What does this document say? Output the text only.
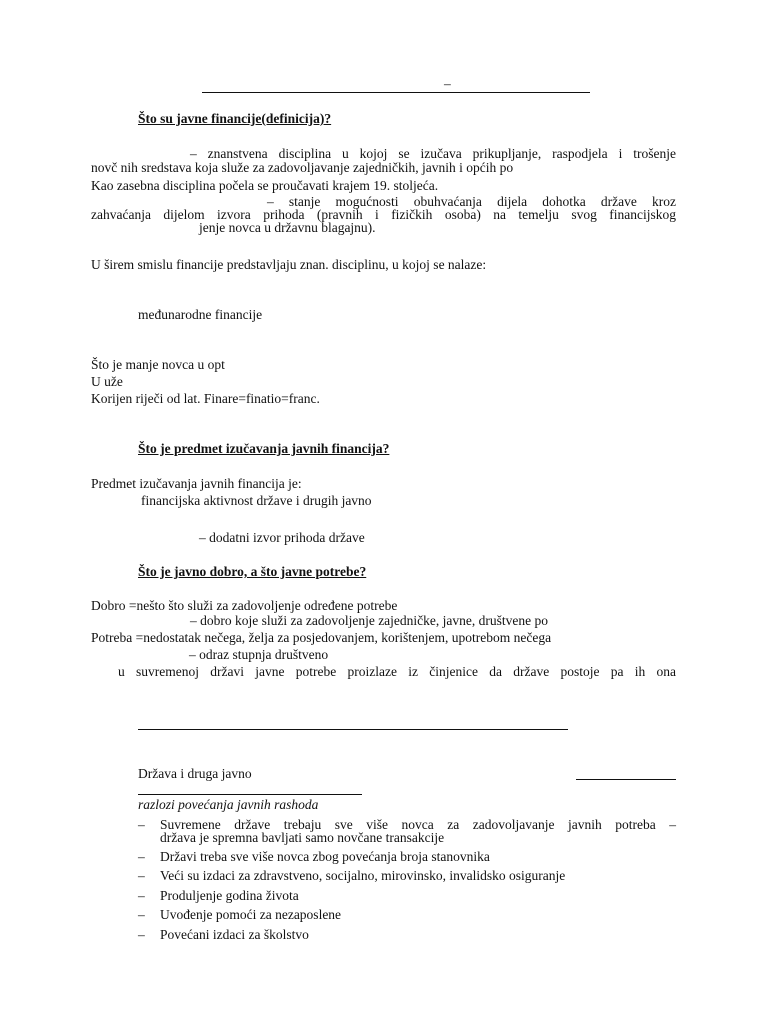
–
Što su javne financije(definicija)?
– znanstvena disciplina u kojoj se izučava prikupljanje, raspodjela i trošenje
novč nih sredstava koja služe za zadovoljavanje zajedničkih, javnih i općih po
Kao zasebna disciplina počela se proučavati krajem 19. stoljeća.
– stanje mogućnosti obuhvaćanja dijela dohotka države kroz
zahvaćanja dijelom izvora prihoda (pravnih i fizičkih osoba) na temelju svog financijskog
jenje novca u državnu blagajnu).
U širem smislu financije predstavljaju znan. disciplinu, u kojoj se nalaze:
međunarodne financije
Što je manje novca u opt
U uže
Korijen riječi od lat. Finare=finatio=franc.
Što je predmet izučavanja javnih financija?
Predmet izučavanja javnih financija je:
financijska aktivnost države i drugih javno
– dodatni izvor prihoda države
Što je javno dobro, a što javne potrebe?
Dobro =nešto što služi za zadovoljenje određene potrebe
– dobro koje služi za zadovoljenje zajedničke, javne, društvene po
Potreba =nedostatak nečega, želja za posjedovanjem, korištenjem, upotrebom nečega
– odraz stupnja društveno
u suvremenoj državi javne potrebe proizlaze iz činjenice da države postoje pa ih ona
Država i druga javno
razlozi povećanja javnih rashoda
– Suvremene države trebaju sve više novca za zadovoljavanje javnih potreba –
država je spremna bavljati samo novčane transakcije
– Državi treba sve više novca zbog povećanja broja stanovnika
– Veći su izdaci za zdravstveno, socijalno, mirovinsko, invalidsko osiguranje
– Produljenje godina života
– Uvođenje pomoći za nezaposlene
– Povećani izdaci za školstvo
